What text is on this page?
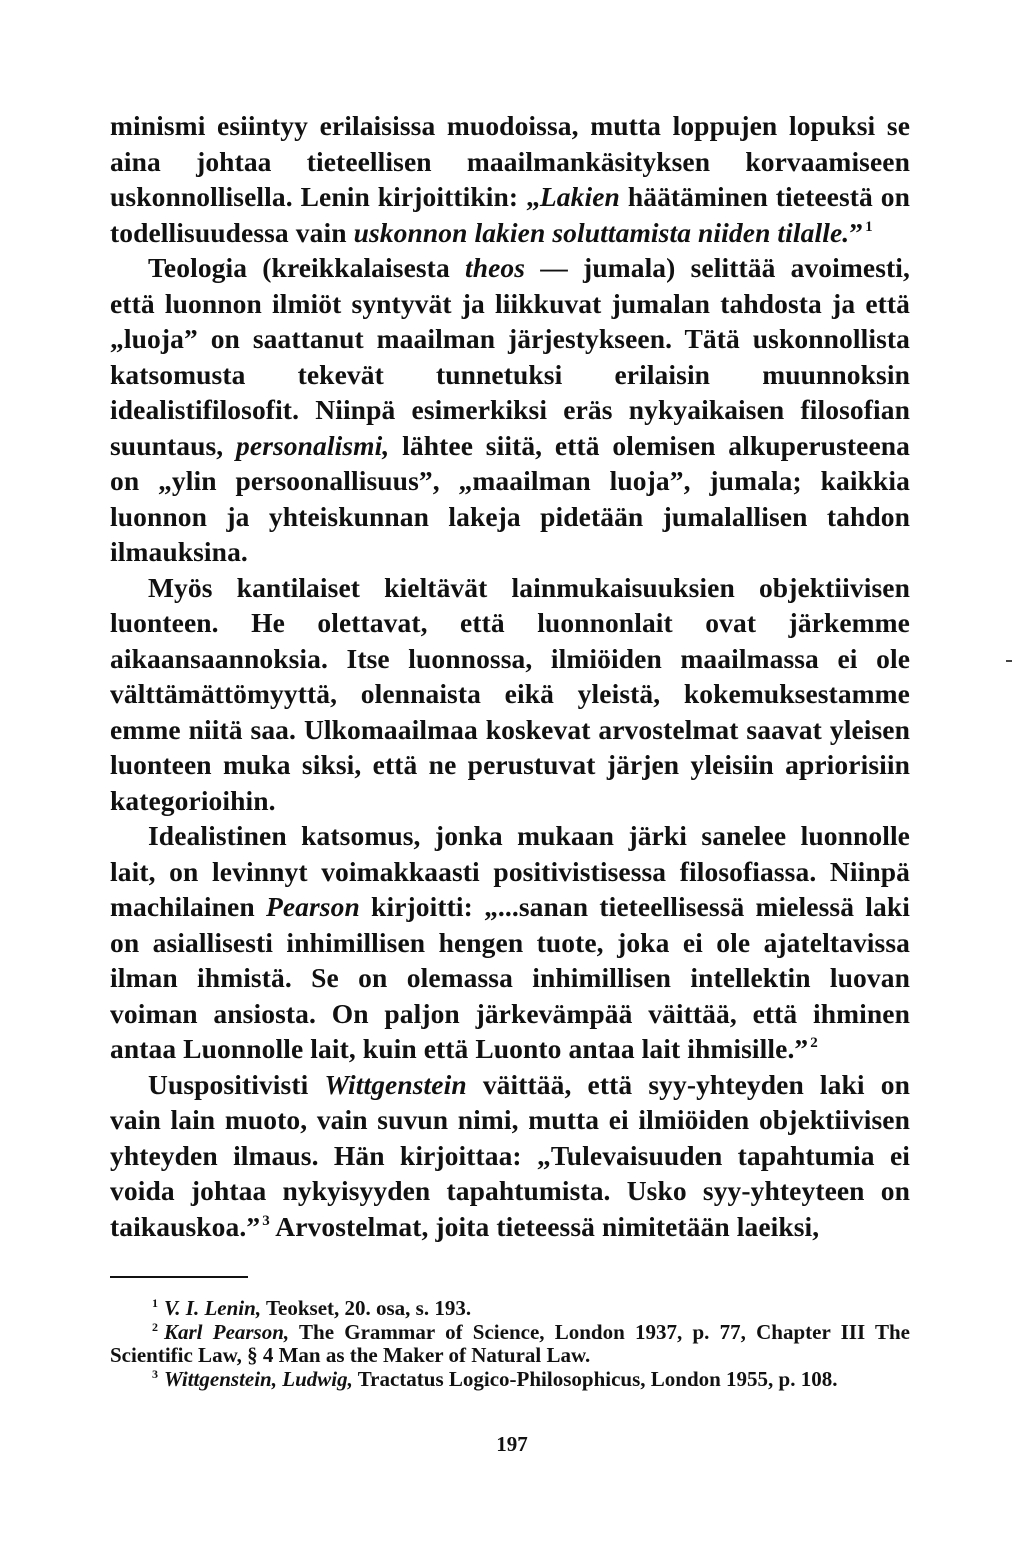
minismi esiintyy erilaisissa muodoissa, mutta loppujen lopuksi se aina johtaa tieteellisen maailmankäsityksen korvaamiseen uskonnollisella. Lenin kirjoittikin: „Lakien häätäminen tieteestä on todellisuudessa vain uskonnon lakien soluttamista niiden tilalle.” $^1$

Teologia (kreikkalaisesta theos — jumala) selittää avoimesti, että luonnon ilmiöt syntyvät ja liikkuvat jumalan tahdosta ja että „luoja” on saattanut maailman järjestykseen. Tätä uskonnollista katsomusta tekevät tunnetuksi erilaisin muunnoksin idealistifilosofit. Niinpä esimerkiksi eräs nykyaikaisen filosofian suuntaus, personalismi, lähtee siitä, että olemisen alkuperusteena on „ylin persoonallisuus”, „maailman luoja”, jumala; kaikkia luonnon ja yhteiskunnan lakeja pidetään jumalallisen tahdon ilmauksina.

Myös kantilaiset kieltävät lainmukaisuuksien objektiivisen luonteen. He olettavat, että luonnonlait ovat järkemme aikaansaannoksia. Itse luonnossa, ilmiöiden maailmassa ei ole välttämättömyyttä, olennaista eikä yleistä, kokemuksestamme emme niitä saa. Ulkomaailmaa koskevat arvostelmat saavat yleisen luonteen muka siksi, että ne perustuvat järjen yleisiin apriorisiin kategorioihin.

Idealistinen katsomus, jonka mukaan järki sanelee luonnolle lait, on levinnyt voimakkaasti positivistisessa filosofiassa. Niinpä machilainen Pearson kirjoitti: „...sanan tieteellisessä mielessä laki on asiallisesti inhimillisen hengen tuote, joka ei ole ajateltavissa ilman ihmistä. Se on olemassa inhimillisen intellektin luovan voiman ansiosta. On paljon järkevämpää väittää, että ihminen antaa Luonnolle lait, kuin että Luonto antaa lait ihmisille.” $^2$

Uuspositivisti Wittgenstein väittää, että syy-yhteyden laki on vain lain muoto, vain suvun nimi, mutta ei ilmiöiden objektiivisen yhteyden ilmaus. Hän kirjoittaa: „Tulevaisuuden tapahtumia ei voida johtaa nykyisyyden tapahtumista. Usko syy-yhteyteen on taikauskoa.” $^3$ Arvostelmat, joita tieteessä nimitetään laeiksi,

$^1$ V. I. Lenin, Teokset, 20. osa, s. 193.

$^2$ Karl Pearson, The Grammar of Science, London 1937, p. 77, Chapter III The Scientific Law, § 4 Man as the Maker of Natural Law.

$^3$ Wittgenstein, Ludwig, Tractatus Logico-Philosophicus, London 1955, p. 108.

197
